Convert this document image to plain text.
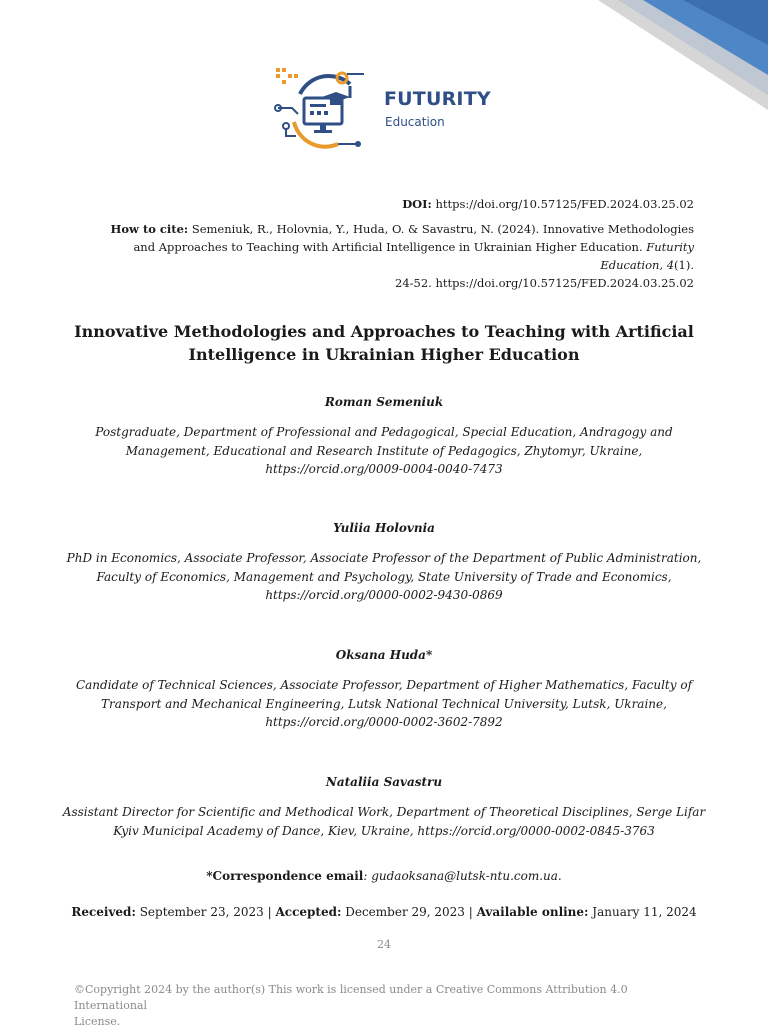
FUTURITY
Education
DOI: https://doi.org/10.57125/FED.2024.03.25.02
How to cite: Semeniuk, R., Holovnia, Y., Huda, O. & Savastru, N. (2024). Innovative Methodologies
and Approaches to Teaching with Artificial Intelligence in Ukrainian Higher Education. Futurity Education, 4(1).
24-52. https://doi.org/10.57125/FED.2024.03.25.02
Innovative Methodologies and Approaches to Teaching with Artificial
Intelligence in Ukrainian Higher Education
Roman Semeniuk
Postgraduate, Department of Professional and Pedagogical, Special Education, Andragogy and
Management, Educational and Research Institute of Pedagogics, Zhytomyr, Ukraine,
https://orcid.org/0009-0004-0040-7473
Yuliia Holovnia
PhD in Economics, Associate Professor, Associate Professor of the Department of Public Administration,
Faculty of Economics, Management and Psychology, State University of Trade and Economics,
https://orcid.org/0000-0002-9430-0869
Oksana Huda*
Candidate of Technical Sciences, Associate Professor, Department of Higher Mathematics, Faculty of
Transport and Mechanical Engineering, Lutsk National Technical University, Lutsk, Ukraine,
https://orcid.org/0000-0002-3602-7892
Nataliia Savastru
Assistant Director for Scientific and Methodical Work, Department of Theoretical Disciplines, Serge Lifar
Kyiv Municipal Academy of Dance, Kiev, Ukraine, https://orcid.org/0000-0002-0845-3763
*Correspondence email: gudaoksana@lutsk-ntu.com.ua.
Received: September 23, 2023 | Accepted: December 29, 2023 | Available online: January 11, 2024
24
©Copyright 2024 by the author(s) This work is licensed under a Creative Commons Attribution 4.0 International
License.
